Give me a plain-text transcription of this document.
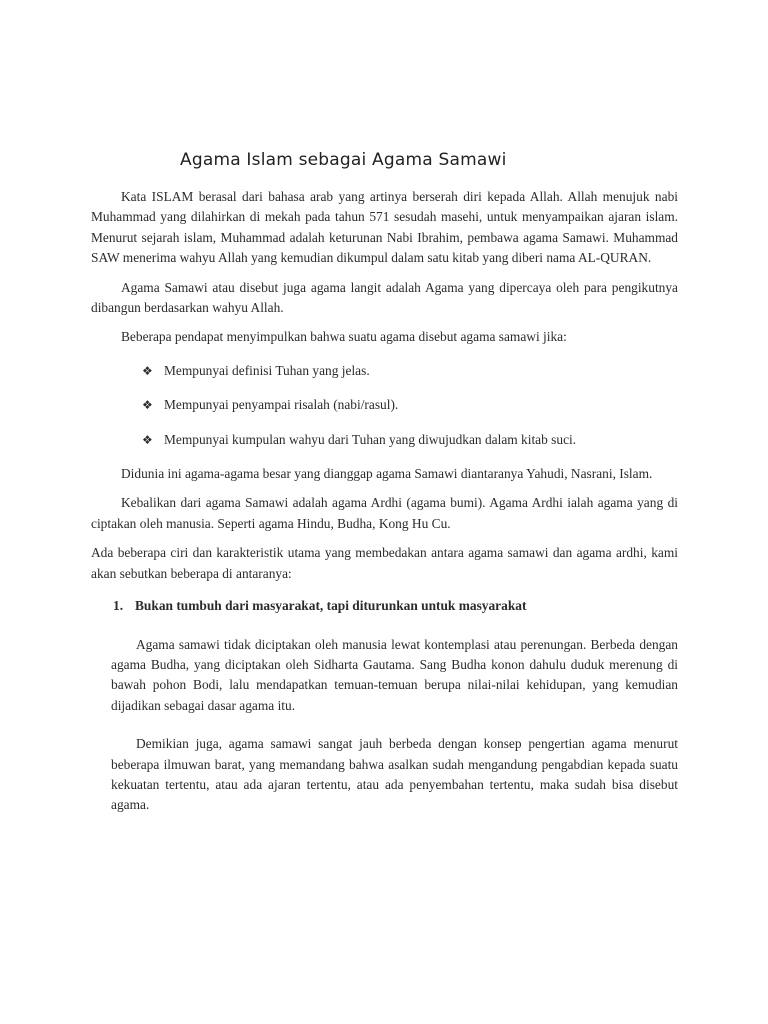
Agama Islam sebagai Agama Samawi

Kata ISLAM berasal dari bahasa arab yang artinya berserah diri kepada Allah. Allah menujuk nabi Muhammad yang dilahirkan di mekah pada tahun 571 sesudah masehi, untuk menyampaikan ajaran islam. Menurut sejarah islam, Muhammad adalah keturunan Nabi Ibrahim, pembawa agama Samawi. Muhammad SAW menerima wahyu Allah yang kemudian dikumpul dalam satu kitab yang diberi nama AL-QURAN.

Agama Samawi atau disebut juga agama langit adalah Agama yang dipercaya oleh para pengikutnya dibangun berdasarkan wahyu Allah.

Beberapa pendapat menyimpulkan bahwa suatu agama disebut agama samawi jika:

❖ Mempunyai definisi Tuhan yang jelas.
❖ Mempunyai penyampai risalah (nabi/rasul).
❖ Mempunyai kumpulan wahyu dari Tuhan yang diwujudkan dalam kitab suci.

Didunia ini agama-agama besar yang dianggap agama Samawi diantaranya Yahudi, Nasrani, Islam.

Kebalikan dari agama Samawi adalah agama Ardhi (agama bumi). Agama Ardhi ialah agama yang di ciptakan oleh manusia. Seperti agama Hindu, Budha, Kong Hu Cu.

Ada beberapa ciri dan karakteristik utama yang membedakan antara agama samawi dan agama ardhi, kami akan sebutkan beberapa di antaranya:

1. Bukan tumbuh dari masyarakat, tapi diturunkan untuk masyarakat

Agama samawi tidak diciptakan oleh manusia lewat kontemplasi atau perenungan. Berbeda dengan agama Budha, yang diciptakan oleh Sidharta Gautama. Sang Budha konon dahulu duduk merenung di bawah pohon Bodi, lalu mendapatkan temuan-temuan berupa nilai-nilai kehidupan, yang kemudian dijadikan sebagai dasar agama itu.

Demikian juga, agama samawi sangat jauh berbeda dengan konsep pengertian agama menurut beberapa ilmuwan barat, yang memandang bahwa asalkan sudah mengandung pengabdian kepada suatu kekuatan tertentu, atau ada ajaran tertentu, atau ada penyembahan tertentu, maka sudah bisa disebut agama.
